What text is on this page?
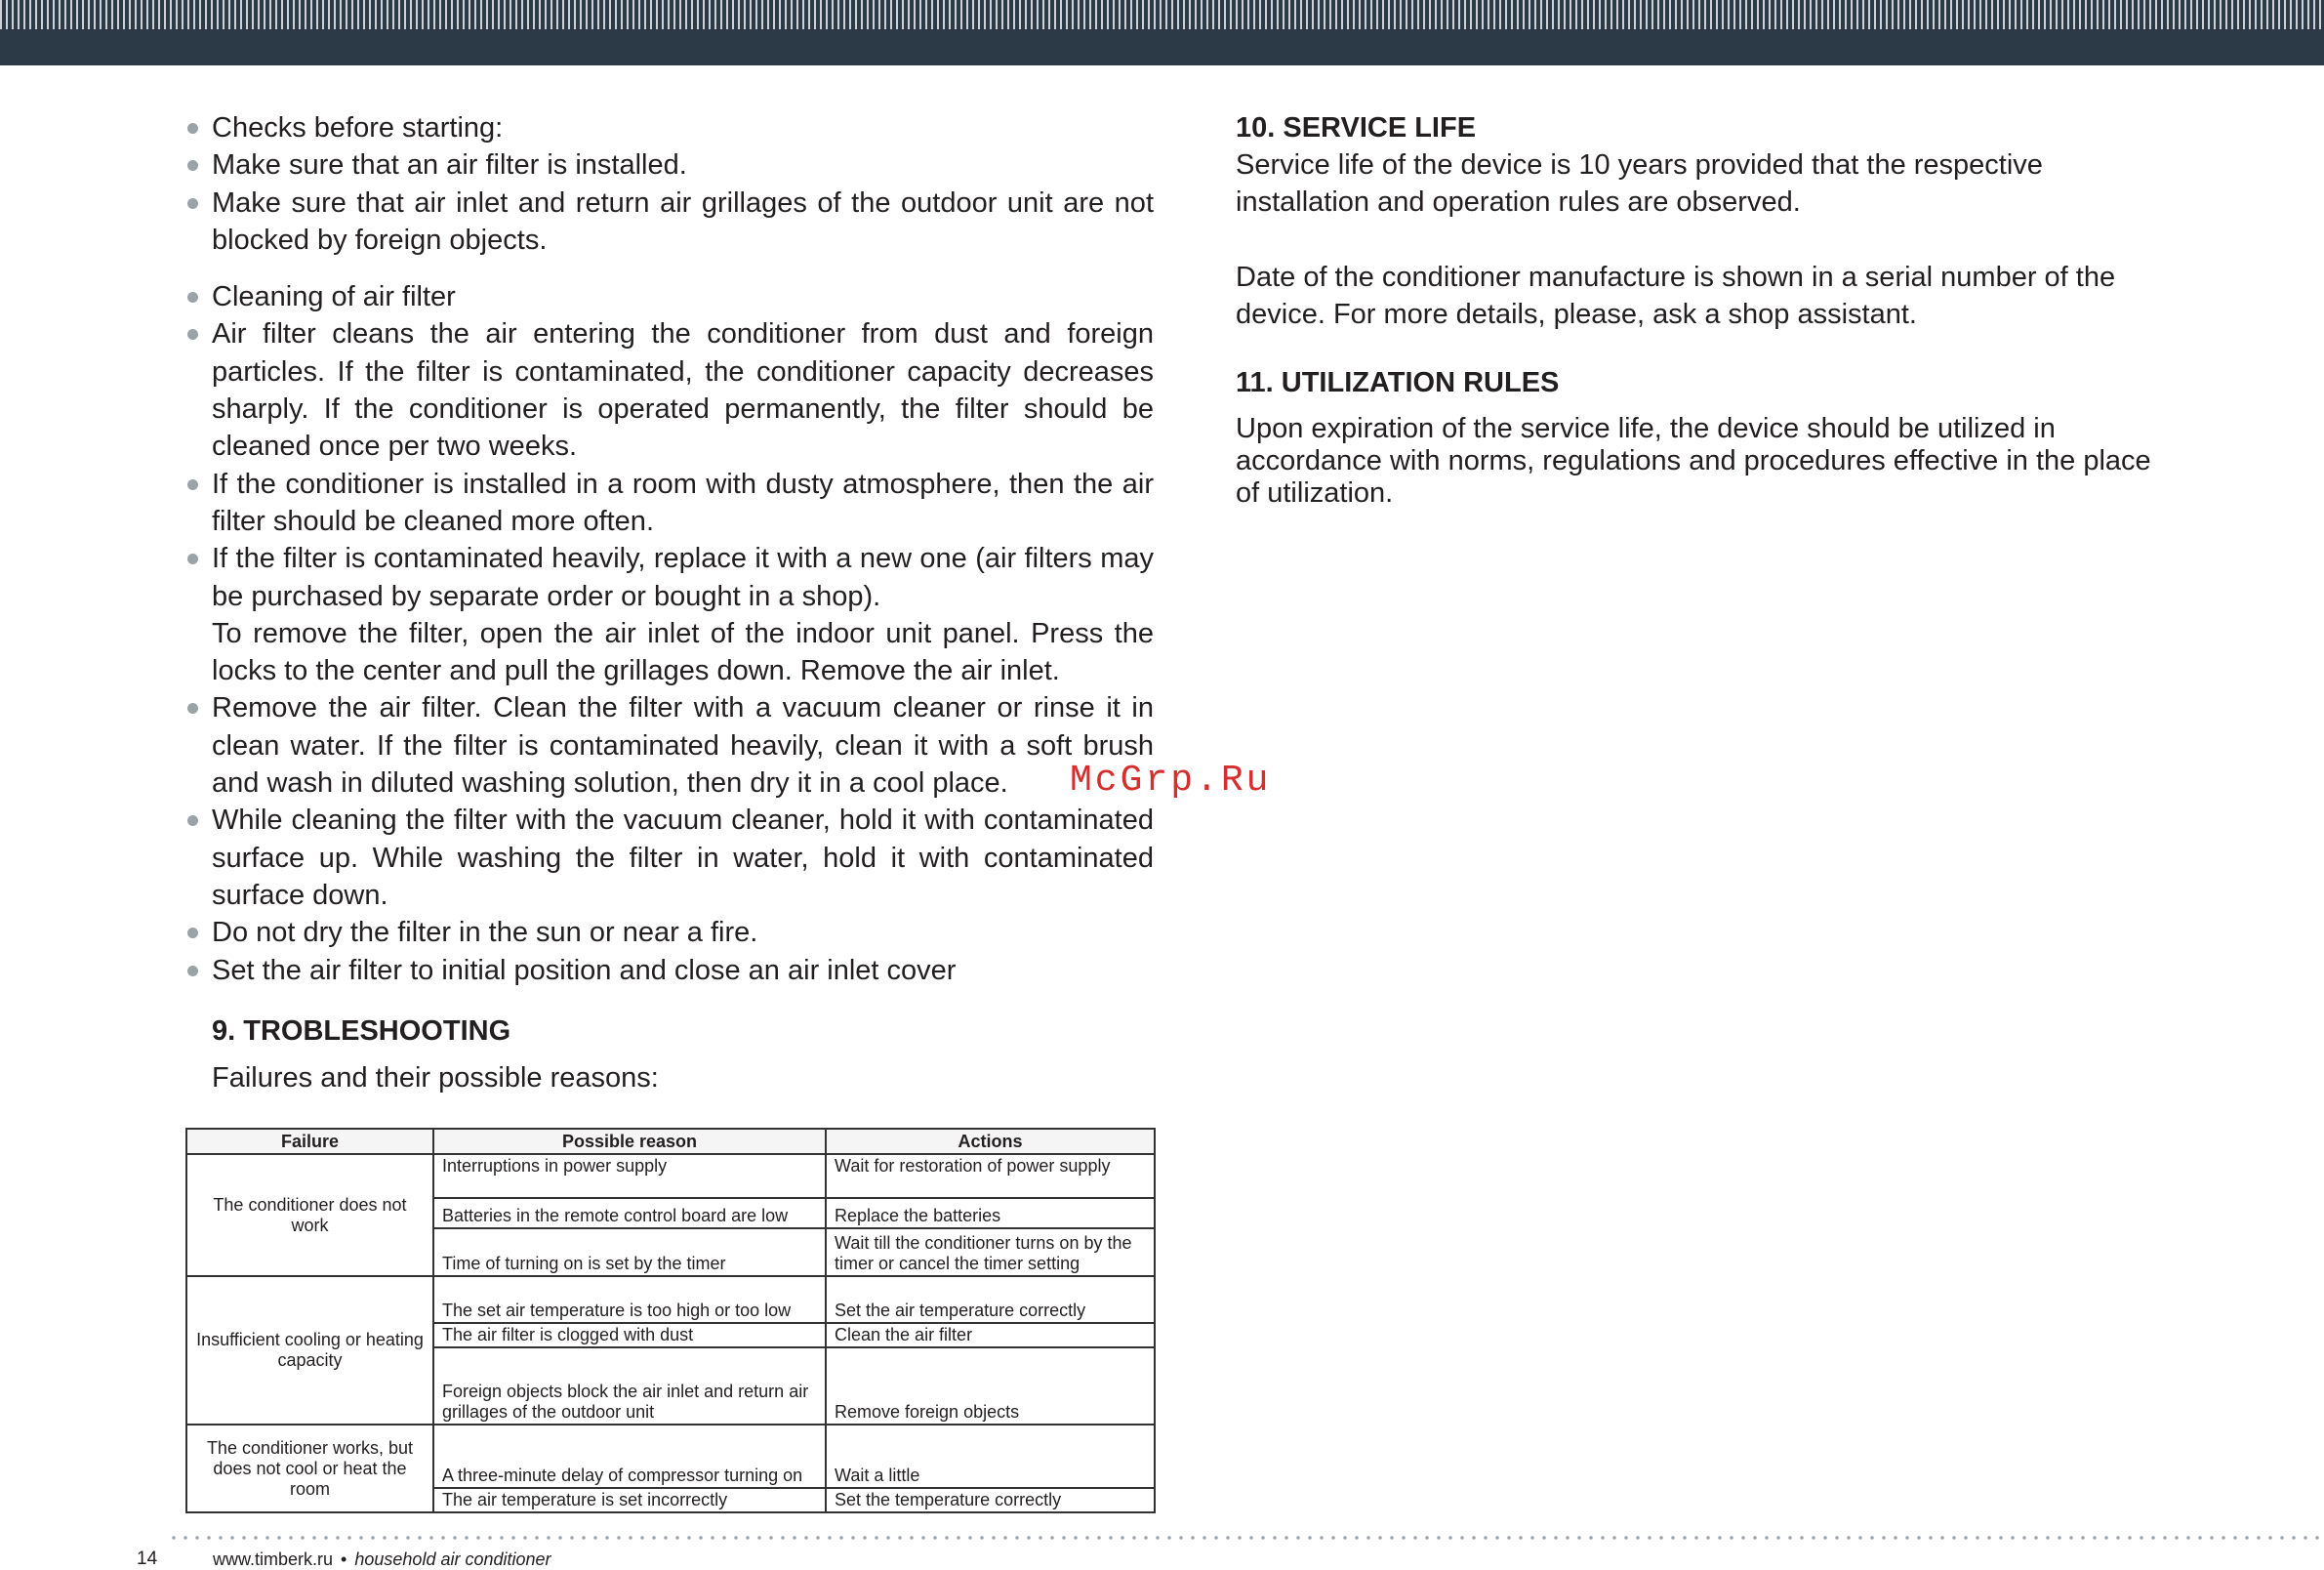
Checks before starting:
Make sure that an air filter is installed.
Make sure that air inlet and return air grillages of the outdoor unit are not blocked by foreign objects.
Cleaning of air filter
Air filter cleans the air entering the conditioner from dust and foreign particles. If the filter is contaminated, the conditioner capacity decreases sharply. If the conditioner is operated permanently, the filter should be cleaned once per two weeks.
If the conditioner is installed in a room with dusty atmosphere, then the air filter should be cleaned more often.
If the filter is contaminated heavily, replace it with a new one (air filters may be purchased by separate order or bought in a shop).
To remove the filter, open the air inlet of the indoor unit panel. Press the locks to the center and pull the grillages down. Remove the air inlet.
Remove the air filter. Clean the filter with a vacuum cleaner or rinse it in clean water. If the filter is contaminated heavily, clean it with a soft brush and wash in diluted washing solution, then dry it in a cool place.
While cleaning the filter with the vacuum cleaner, hold it with contaminated surface up. While washing the filter in water, hold it with contaminated surface down.
Do not dry the filter in the sun or near a fire.
Set the air filter to initial position and close an air inlet cover
9. TROBLESHOOTING
Failures and their possible reasons:
Failure	Possible reason	Actions
The conditioner does not work	Interruptions in power supply	Wait for restoration of power supply
	Batteries in the remote control board are low	Replace the batteries
	Time of turning on is set by the timer	Wait till the conditioner turns on by the timer or cancel the timer setting
Insufficient cooling or heating capacity	The set air temperature is too high or too low	Set the air temperature correctly
	The air filter is clogged with dust	Clean the air filter
	Foreign objects block the air inlet and return air grillages of the outdoor unit	Remove foreign objects
The conditioner works, but does not cool or heat the room	A three-minute delay of compressor turning on	Wait a little
	The air temperature is set incorrectly	Set the temperature correctly
10. SERVICE LIFE
Service life of the device is 10 years provided that the respective installation and operation rules are observed.
Date of the conditioner manufacture is shown in a serial number of the device. For more details, please, ask a shop assistant.
11. UTILIZATION RULES
Upon expiration of the service life, the device should be utilized in accordance with norms, regulations and procedures effective in the place of utilization.
McGrp.Ru
14	www.timberk.ru • household air conditioner
